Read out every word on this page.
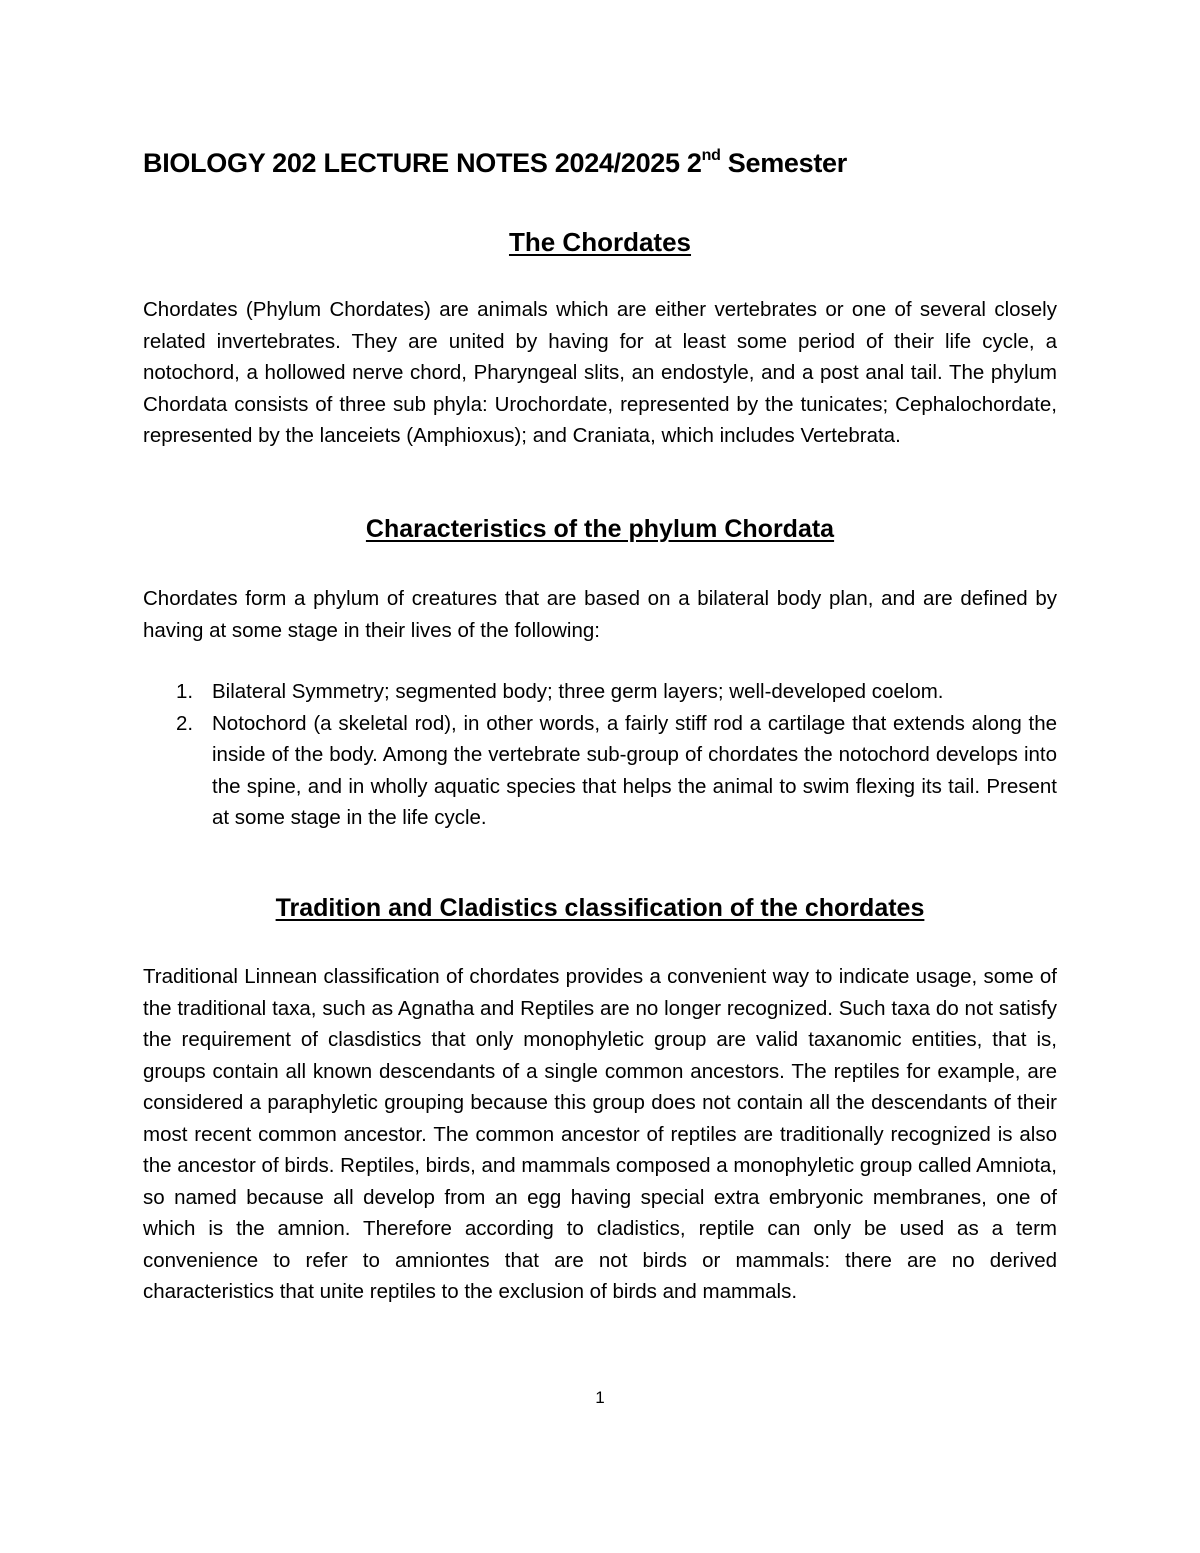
BIOLOGY 202 LECTURE NOTES 2024/2025 2nd Semester
The Chordates

Chordates (Phylum Chordates) are animals which are either vertebrates or one of several closely related invertebrates. They are united by having for at least some period of their life cycle, a notochord, a hollowed nerve chord, Pharyngeal slits, an endostyle, and a post anal tail. The phylum Chordata consists of three sub phyla: Urochordate, represented by the tunicates; Cephalochordate, represented by the lanceiets (Amphioxus); and Craniata, which includes Vertebrata.

Characteristics of the phylum Chordata

Chordates form a phylum of creatures that are based on a bilateral body plan, and are defined by having at some stage in their lives of the following:

1. Bilateral Symmetry; segmented body; three germ layers; well-developed coelom.
2. Notochord (a skeletal rod), in other words, a fairly stiff rod a cartilage that extends along the inside of the body. Among the vertebrate sub-group of chordates the notochord develops into the spine, and in wholly aquatic species that helps the animal to swim flexing its tail. Present at some stage in the life cycle.
Tradition and Cladistics classification of the chordates

Traditional Linnean classification of chordates provides a convenient way to indicate usage, some of the traditional taxa, such as Agnatha and Reptiles are no longer recognized. Such taxa do not satisfy the requirement of clasdistics that only monophyletic group are valid taxanomic entities, that is, groups contain all known descendants of a single common ancestors. The reptiles for example, are considered a paraphyletic grouping because this group does not contain all the descendants of their most recent common ancestor. The common ancestor of reptiles are traditionally recognized is also the ancestor of birds. Reptiles, birds, and mammals composed a monophyletic group called Amniota, so named because all develop from an egg having special extra embryonic membranes, one of which is the amnion. Therefore according to cladistics, reptile can only be used as a term convenience to refer to amniontes that are not birds or mammals: there are no derived characteristics that unite reptiles to the exclusion of birds and mammals.

1
